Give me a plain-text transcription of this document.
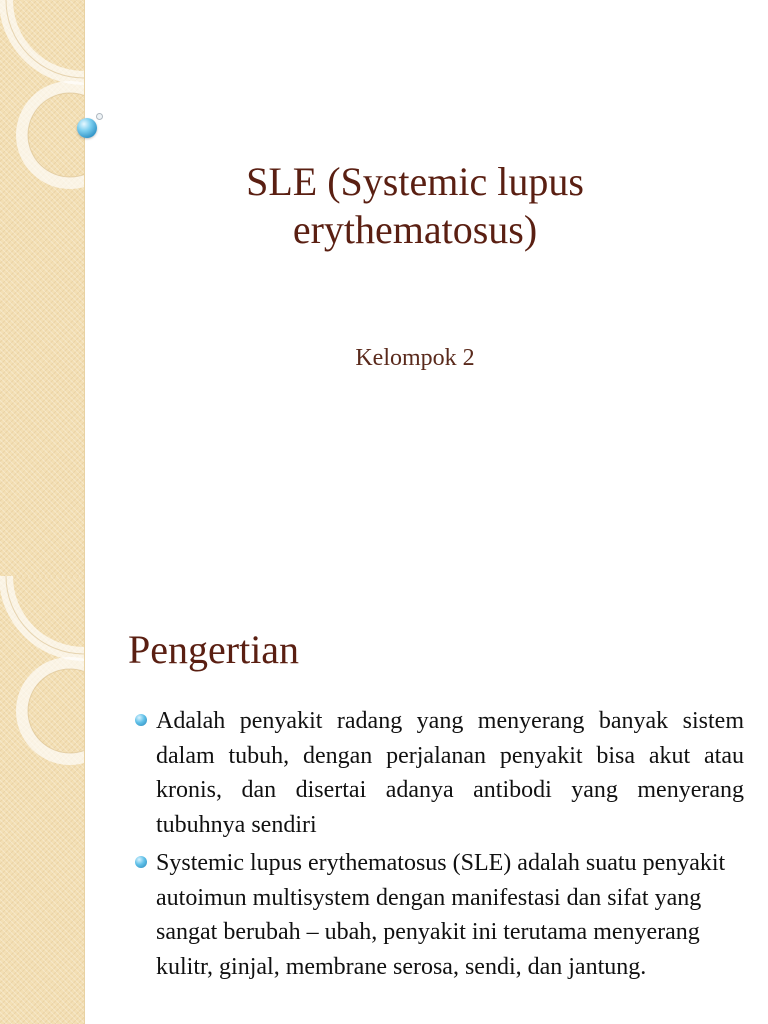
SLE (Systemic lupus erythematosus)
Kelompok 2
Pengertian
Adalah penyakit radang yang menyerang banyak sistem dalam tubuh, dengan perjalanan penyakit bisa akut atau kronis, dan disertai adanya antibodi yang menyerang tubuhnya sendiri
Systemic lupus erythematosus (SLE) adalah suatu penyakit autoimun multisystem dengan manifestasi dan sifat yang sangat berubah – ubah, penyakit ini terutama menyerang kulitr, ginjal, membrane serosa, sendi, dan jantung.
